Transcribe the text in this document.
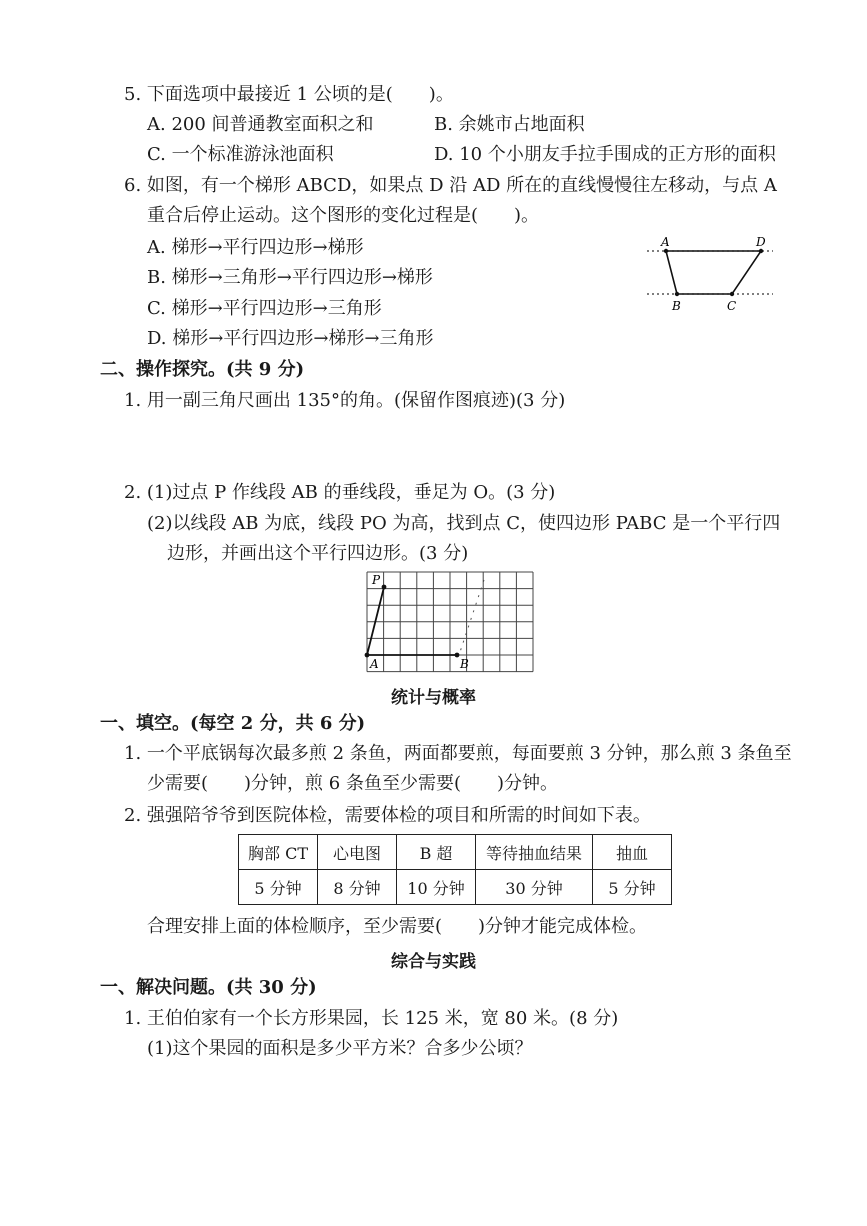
5. 下面选项中最接近 1 公顷的是(　　)。
A. 200 间普通教室面积之和	B. 余姚市占地面积
C. 一个标准游泳池面积	D. 10 个小朋友手拉手围成的正方形的面积
6. 如图，有一个梯形 ABCD，如果点 D 沿 AD 所在的直线慢慢往左移动，与点 A
重合后停止运动。这个图形的变化过程是(　　)。
A. 梯形→平行四边形→梯形
B. 梯形→三角形→平行四边形→梯形
C. 梯形→平行四边形→三角形
D. 梯形→平行四边形→梯形→三角形
A	D
B	C
二、操作探究。(共 9 分)
1. 用一副三角尺画出 135°的角。(保留作图痕迹)(3 分)
2. (1)过点 P 作线段 AB 的垂线段，垂足为 O。(3 分)
(2)以线段 AB 为底，线段 PO 为高，找到点 C，使四边形 PABC 是一个平行四
边形，并画出这个平行四边形。(3 分)
P
A	B
统计与概率
一、填空。(每空 2 分，共 6 分)
1. 一个平底锅每次最多煎 2 条鱼，两面都要煎，每面要煎 3 分钟，那么煎 3 条鱼至
少需要(　　)分钟，煎 6 条鱼至少需要(　　)分钟。
2. 强强陪爷爷到医院体检，需要体检的项目和所需的时间如下表。
胸部 CT	心电图	B 超	等待抽血结果	抽血
5 分钟	8 分钟	10 分钟	30 分钟	5 分钟
合理安排上面的体检顺序，至少需要(　　)分钟才能完成体检。
综合与实践
一、解决问题。(共 30 分)
1. 王伯伯家有一个长方形果园，长 125 米，宽 80 米。(8 分)
(1)这个果园的面积是多少平方米？合多少公顷？
